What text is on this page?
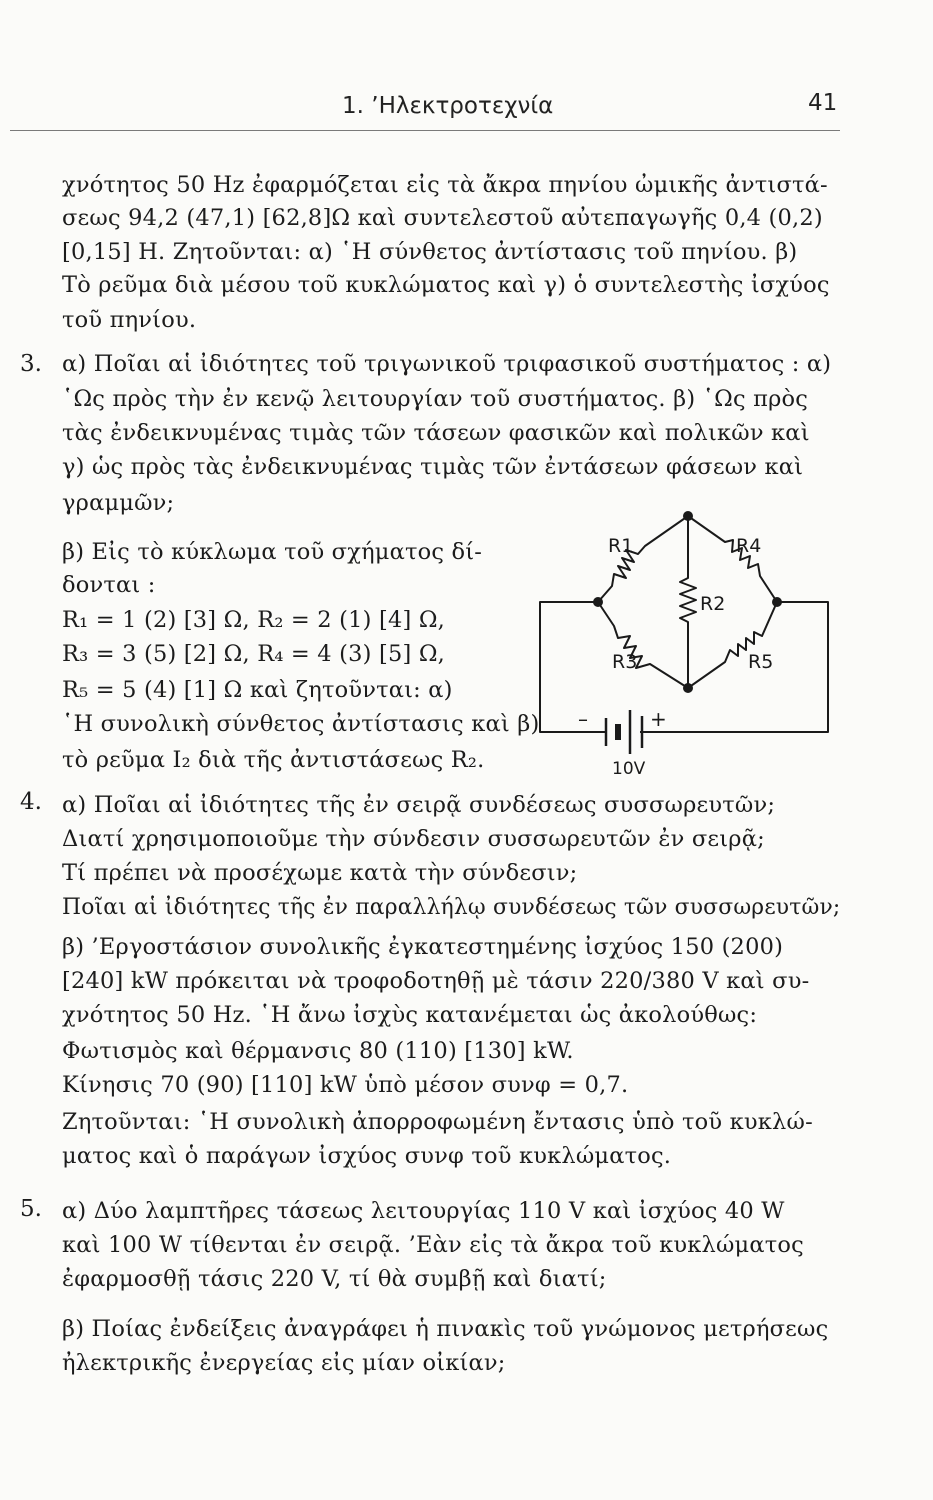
1. ’Ηλεκτροτεχνία	41
χνότητος 50 Hz ἐφαρμόζεται εἰς τὰ ἄκρα πηνίου ὠμικῆς ἀντιστά-
σεως 94,2 (47,1) [62,8]Ω καὶ συντελεστοῦ αὐτεπαγωγῆς 0,4 (0,2)
[0,15] H. Ζητοῦνται: α) ῾Η σύνθετος ἀντίστασις τοῦ πηνίου. β)
Τὸ ρεῦμα διὰ μέσου τοῦ κυκλώματος καὶ γ) ὁ συντελεστὴς ἰσχύος
τοῦ πηνίου.
3. α) Ποῖαι αἱ ἰδιότητες τοῦ τριγωνικοῦ τριφασικοῦ συστήματος : α)
῾Ως πρὸς τὴν ἐν κενῷ λειτουργίαν τοῦ συστήματος. β) ῾Ως πρὸς
τὰς ἐνδεικνυμένας τιμὰς τῶν τάσεων φασικῶν καὶ πολικῶν καὶ
γ) ὡς πρὸς τὰς ἐνδεικνυμένας τιμὰς τῶν ἐντάσεων φάσεων καὶ
γραμμῶν;
β) Εἰς τὸ κύκλωμα τοῦ σχήματος δί-
δονται :
R₁ = 1 (2) [3] Ω, R₂ = 2 (1) [4] Ω,
R₃ = 3 (5) [2] Ω, R₄ = 4 (3) [5] Ω,
R₅ = 5 (4) [1] Ω καὶ ζητοῦνται: α)
῾Η συνολικὴ σύνθετος ἀντίστασις καὶ β)
τὸ ρεῦμα I₂ διὰ τῆς ἀντιστάσεως R₂.
R1	R4
R2
R3	R5
–	+
10V
4. α) Ποῖαι αἱ ἰδιότητες τῆς ἐν σειρᾷ συνδέσεως συσσωρευτῶν;
Διατί χρησιμοποιοῦμε τὴν σύνδεσιν συσσωρευτῶν ἐν σειρᾷ;
Τί πρέπει νὰ προσέχωμε κατὰ τὴν σύνδεσιν;
Ποῖαι αἱ ἰδιότητες τῆς ἐν παραλλήλῳ συνδέσεως τῶν συσσωρευτῶν;
β) ’Εργοστάσιον συνολικῆς ἐγκατεστημένης ἰσχύος 150 (200)
[240] kW πρόκειται νὰ τροφοδοτηθῇ μὲ τάσιν 220/380 V καὶ συ-
χνότητος 50 Hz. ῾Η ἄνω ἰσχὺς κατανέμεται ὡς ἀκολούθως:
Φωτισμὸς καὶ θέρμανσις 80 (110) [130] kW.
Κίνησις 70 (90) [110] kW ὑπὸ μέσον συνφ = 0,7.
Ζητοῦνται: ῾Η συνολικὴ ἀπορροφωμένη ἔντασις ὑπὸ τοῦ κυκλώ-
ματος καὶ ὁ παράγων ἰσχύος συνφ τοῦ κυκλώματος.
5. α) Δύο λαμπτῆρες τάσεως λειτουργίας 110 V καὶ ἰσχύος 40 W
καὶ 100 W τίθενται ἐν σειρᾷ. ’Εὰν εἰς τὰ ἄκρα τοῦ κυκλώματος
ἐφαρμοσθῇ τάσις 220 V, τί θὰ συμβῇ καὶ διατί;
β) Ποίας ἐνδείξεις ἀναγράφει ἡ πινακὶς τοῦ γνώμονος μετρήσεως
ἠλεκτρικῆς ἐνεργείας εἰς μίαν οἰκίαν;
